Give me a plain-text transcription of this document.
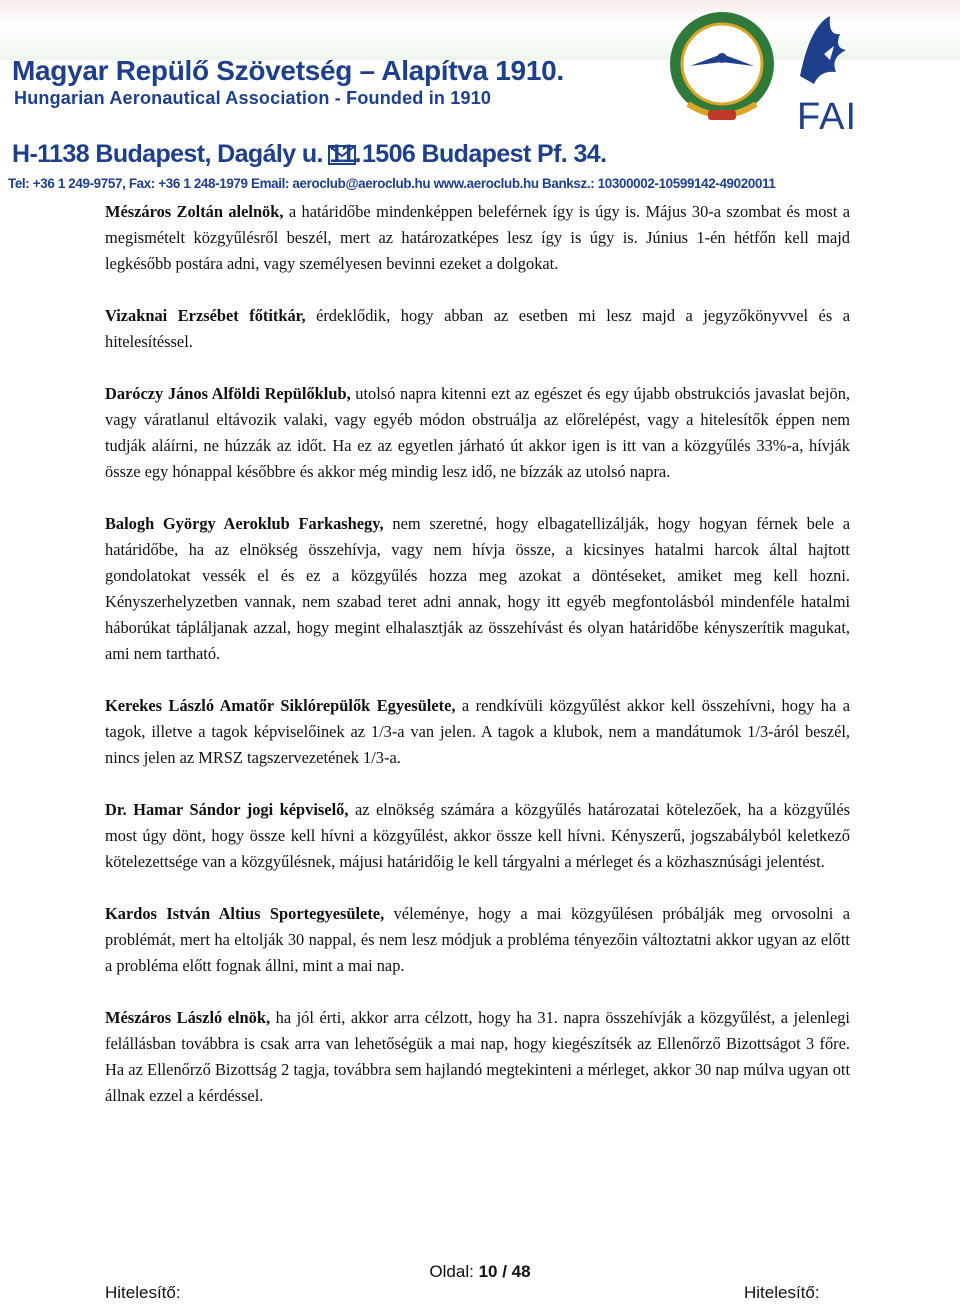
Magyar Repülő Szövetség – Alapítva 1910.
Hungarian Aeronautical Association - Founded in 1910
H-1138 Budapest, Dagály u. 11. 1506 Budapest Pf. 34.
Tel: +36 1 249-9757, Fax: +36 1 248-1979 Email: aeroclub@aeroclub.hu www.aeroclub.hu Banksz.: 10300002-10599142-49020011
FAI

Mészáros Zoltán alelnök, a határidőbe mindenképpen beleférnek így is úgy is. Május 30-a szombat és most a megismételt közgyűlésről beszél, mert az határozatképes lesz így is úgy is. Június 1-én hétfőn kell majd legkésőbb postára adni, vagy személyesen bevinni ezeket a dolgokat.

Vizaknai Erzsébet főtitkár, érdeklődik, hogy abban az esetben mi lesz majd a jegyzőkönyvvel és a hitelesítéssel.

Daróczy János Alföldi Repülőklub, utolsó napra kitenni ezt az egészet és egy újabb obstrukciós javaslat bejön, vagy váratlanul eltávozik valaki, vagy egyéb módon obstruálja az előrelépést, vagy a hitelesítők éppen nem tudják aláírni, ne húzzák az időt. Ha ez az egyetlen járható út akkor igen is itt van a közgyűlés 33%-a, hívják össze egy hónappal későbbre és akkor még mindig lesz idő, ne bízzák az utolsó napra.

Balogh György Aeroklub Farkashegy, nem szeretné, hogy elbagatellizálják, hogy hogyan férnek bele a határidőbe, ha az elnökség összehívja, vagy nem hívja össze, a kicsinyes hatalmi harcok által hajtott gondolatokat vessék el és ez a közgyűlés hozza meg azokat a döntéseket, amiket meg kell hozni. Kényszerhelyzetben vannak, nem szabad teret adni annak, hogy itt egyéb megfontolásból mindenféle hatalmi háborúkat tápláljanak azzal, hogy megint elhalasztják az összehívást és olyan határidőbe kényszerítik magukat, ami nem tartható.

Kerekes László Amatőr Siklórepülők Egyesülete, a rendkívüli közgyűlést akkor kell összehívni, hogy ha a tagok, illetve a tagok képviselőinek az 1/3-a van jelen. A tagok a klubok, nem a mandátumok 1/3-áról beszél, nincs jelen az MRSZ tagszervezetének 1/3-a.

Dr. Hamar Sándor jogi képviselő, az elnökség számára a közgyűlés határozatai kötelezőek, ha a közgyűlés most úgy dönt, hogy össze kell hívni a közgyűlést, akkor össze kell hívni. Kényszerű, jogszabályból keletkező kötelezettsége van a közgyűlésnek, májusi határidőig le kell tárgyalni a mérleget és a közhasznúsági jelentést.

Kardos István Altius Sportegyesülete, véleménye, hogy a mai közgyűlésen próbálják meg orvosolni a problémát, mert ha eltolják 30 nappal, és nem lesz módjuk a probléma tényezőin változtatni akkor ugyan az előtt a probléma előtt fognak állni, mint a mai nap.

Mészáros László elnök, ha jól érti, akkor arra célzott, hogy ha 31. napra összehívják a közgyűlést, a jelenlegi felállásban továbbra is csak arra van lehetőségük a mai nap, hogy kiegészítsék az Ellenőrző Bizottságot 3 főre. Ha az Ellenőrző Bizottság 2 tagja, továbbra sem hajlandó megtekinteni a mérleget, akkor 30 nap múlva ugyan ott állnak ezzel a kérdéssel.

Oldal: 10 / 48
Hitelesítő:	Hitelesítő:
